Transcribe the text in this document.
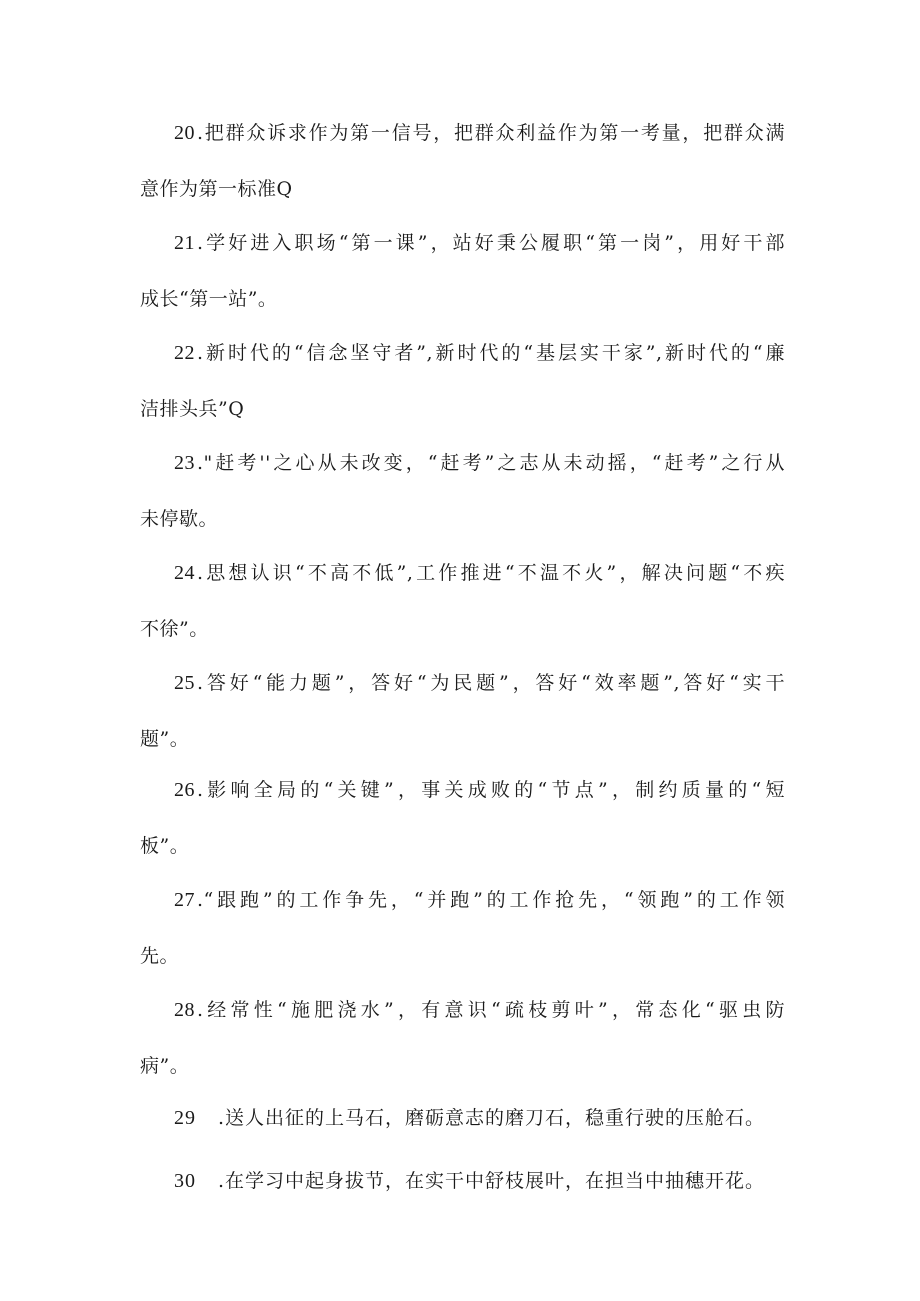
20 .把群众诉求作为第一信号，把群众利益作为第一考量，把群众满
意作为第一标准Q
21 .学好进入职场“第一课”，站好秉公履职“第一岗”，用好干部
成长“第一站”。
22 .新时代的“信念坚守者”,新时代的“基层实干家”,新时代的“廉
洁排头兵”Q
23 ."赶考''之心从未改变，“赶考”之志从未动摇，“赶考”之行从
未停歇。
24 .思想认识“不高不低”,工作推进“不温不火”，解决问题“不疾
不徐”。
25 .答好“能力题”，答好“为民题”，答好“效率题”,答好“实干
题”。
26 .影响全局的“关键”，事关成败的“节点”，制约质量的“短
板”。
27 .“跟跑”的工作争先，“并跑”的工作抢先，“领跑”的工作领
先。
28 .经常性“施肥浇水”，有意识“疏枝剪叶”，常态化“驱虫防
病”。
29 .送人出征的上马石，磨砺意志的磨刀石，稳重行驶的压舱石。
30 .在学习中起身拔节，在实干中舒枝展叶，在担当中抽穗开花。
